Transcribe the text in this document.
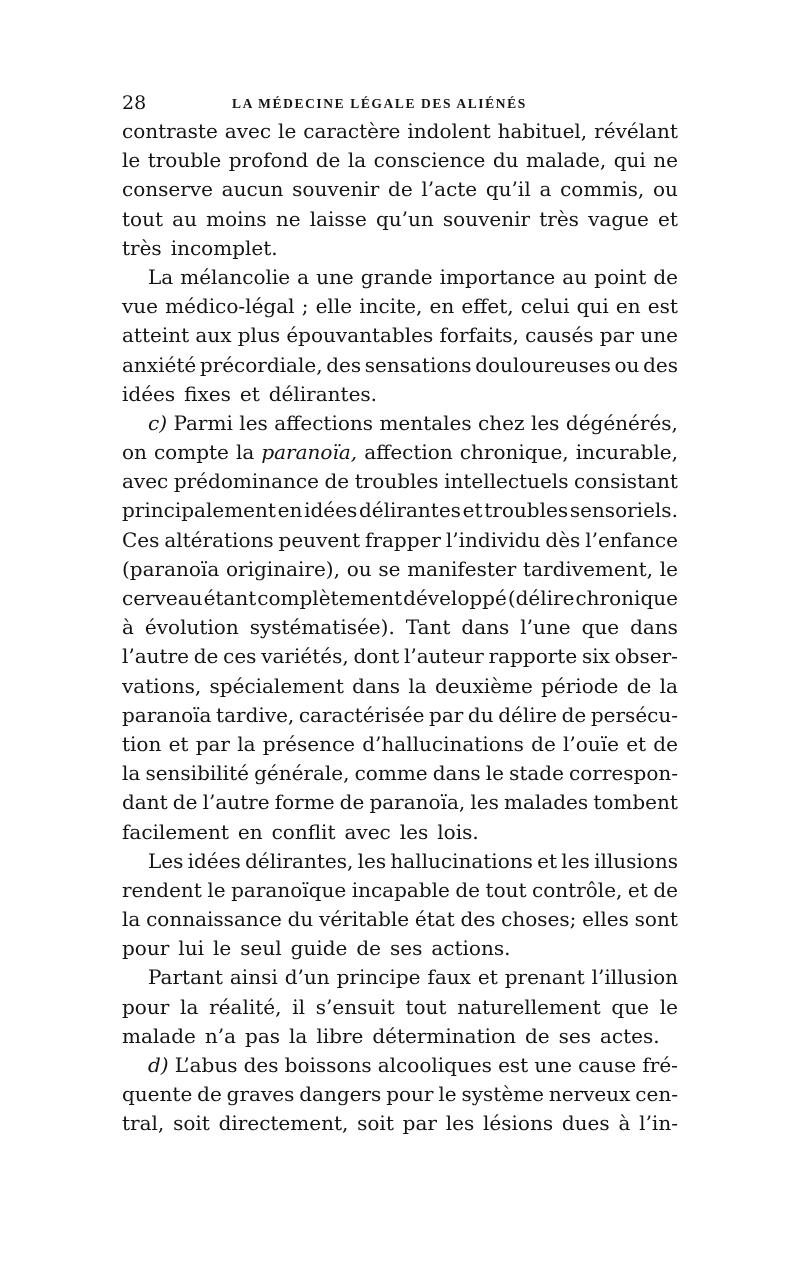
28	LA MÉDECINE LÉGALE DES ALIÉNÉS
contraste avec le caractère indolent habituel, révélant
le trouble profond de la conscience du malade, qui ne
conserve aucun souvenir de l’acte qu’il a commis, ou
tout au moins ne laisse qu’un souvenir très vague et
très incomplet.
La mélancolie a une grande importance au point de
vue médico-légal ; elle incite, en effet, celui qui en est
atteint aux plus épouvantables forfaits, causés par une
anxiété précordiale, des sensations douloureuses ou des
idées fixes et délirantes.
c) Parmi les affections mentales chez les dégénérés,
on compte la paranoïa, affection chronique, incurable,
avec prédominance de troubles intellectuels consistant
principalement en idées délirantes et troubles sensoriels.
Ces altérations peuvent frapper l’individu dès l’enfance
(paranoïa originaire), ou se manifester tardivement, le
cerveau étant complètement développé (délire chronique
à évolution systématisée). Tant dans l’une que dans
l’autre de ces variétés, dont l’auteur rapporte six obser-
vations, spécialement dans la deuxième période de la
paranoïa tardive, caractérisée par du délire de persécu-
tion et par la présence d’hallucinations de l’ouïe et de
la sensibilité générale, comme dans le stade correspon-
dant de l’autre forme de paranoïa, les malades tombent
facilement en conflit avec les lois.
Les idées délirantes, les hallucinations et les illusions
rendent le paranoïque incapable de tout contrôle, et de
la connaissance du véritable état des choses; elles sont
pour lui le seul guide de ses actions.
Partant ainsi d’un principe faux et prenant l’illusion
pour la réalité, il s’ensuit tout naturellement que le
malade n’a pas la libre détermination de ses actes.
d) L’abus des boissons alcooliques est une cause fré-
quente de graves dangers pour le système nerveux cen-
tral, soit directement, soit par les lésions dues à l’in-
